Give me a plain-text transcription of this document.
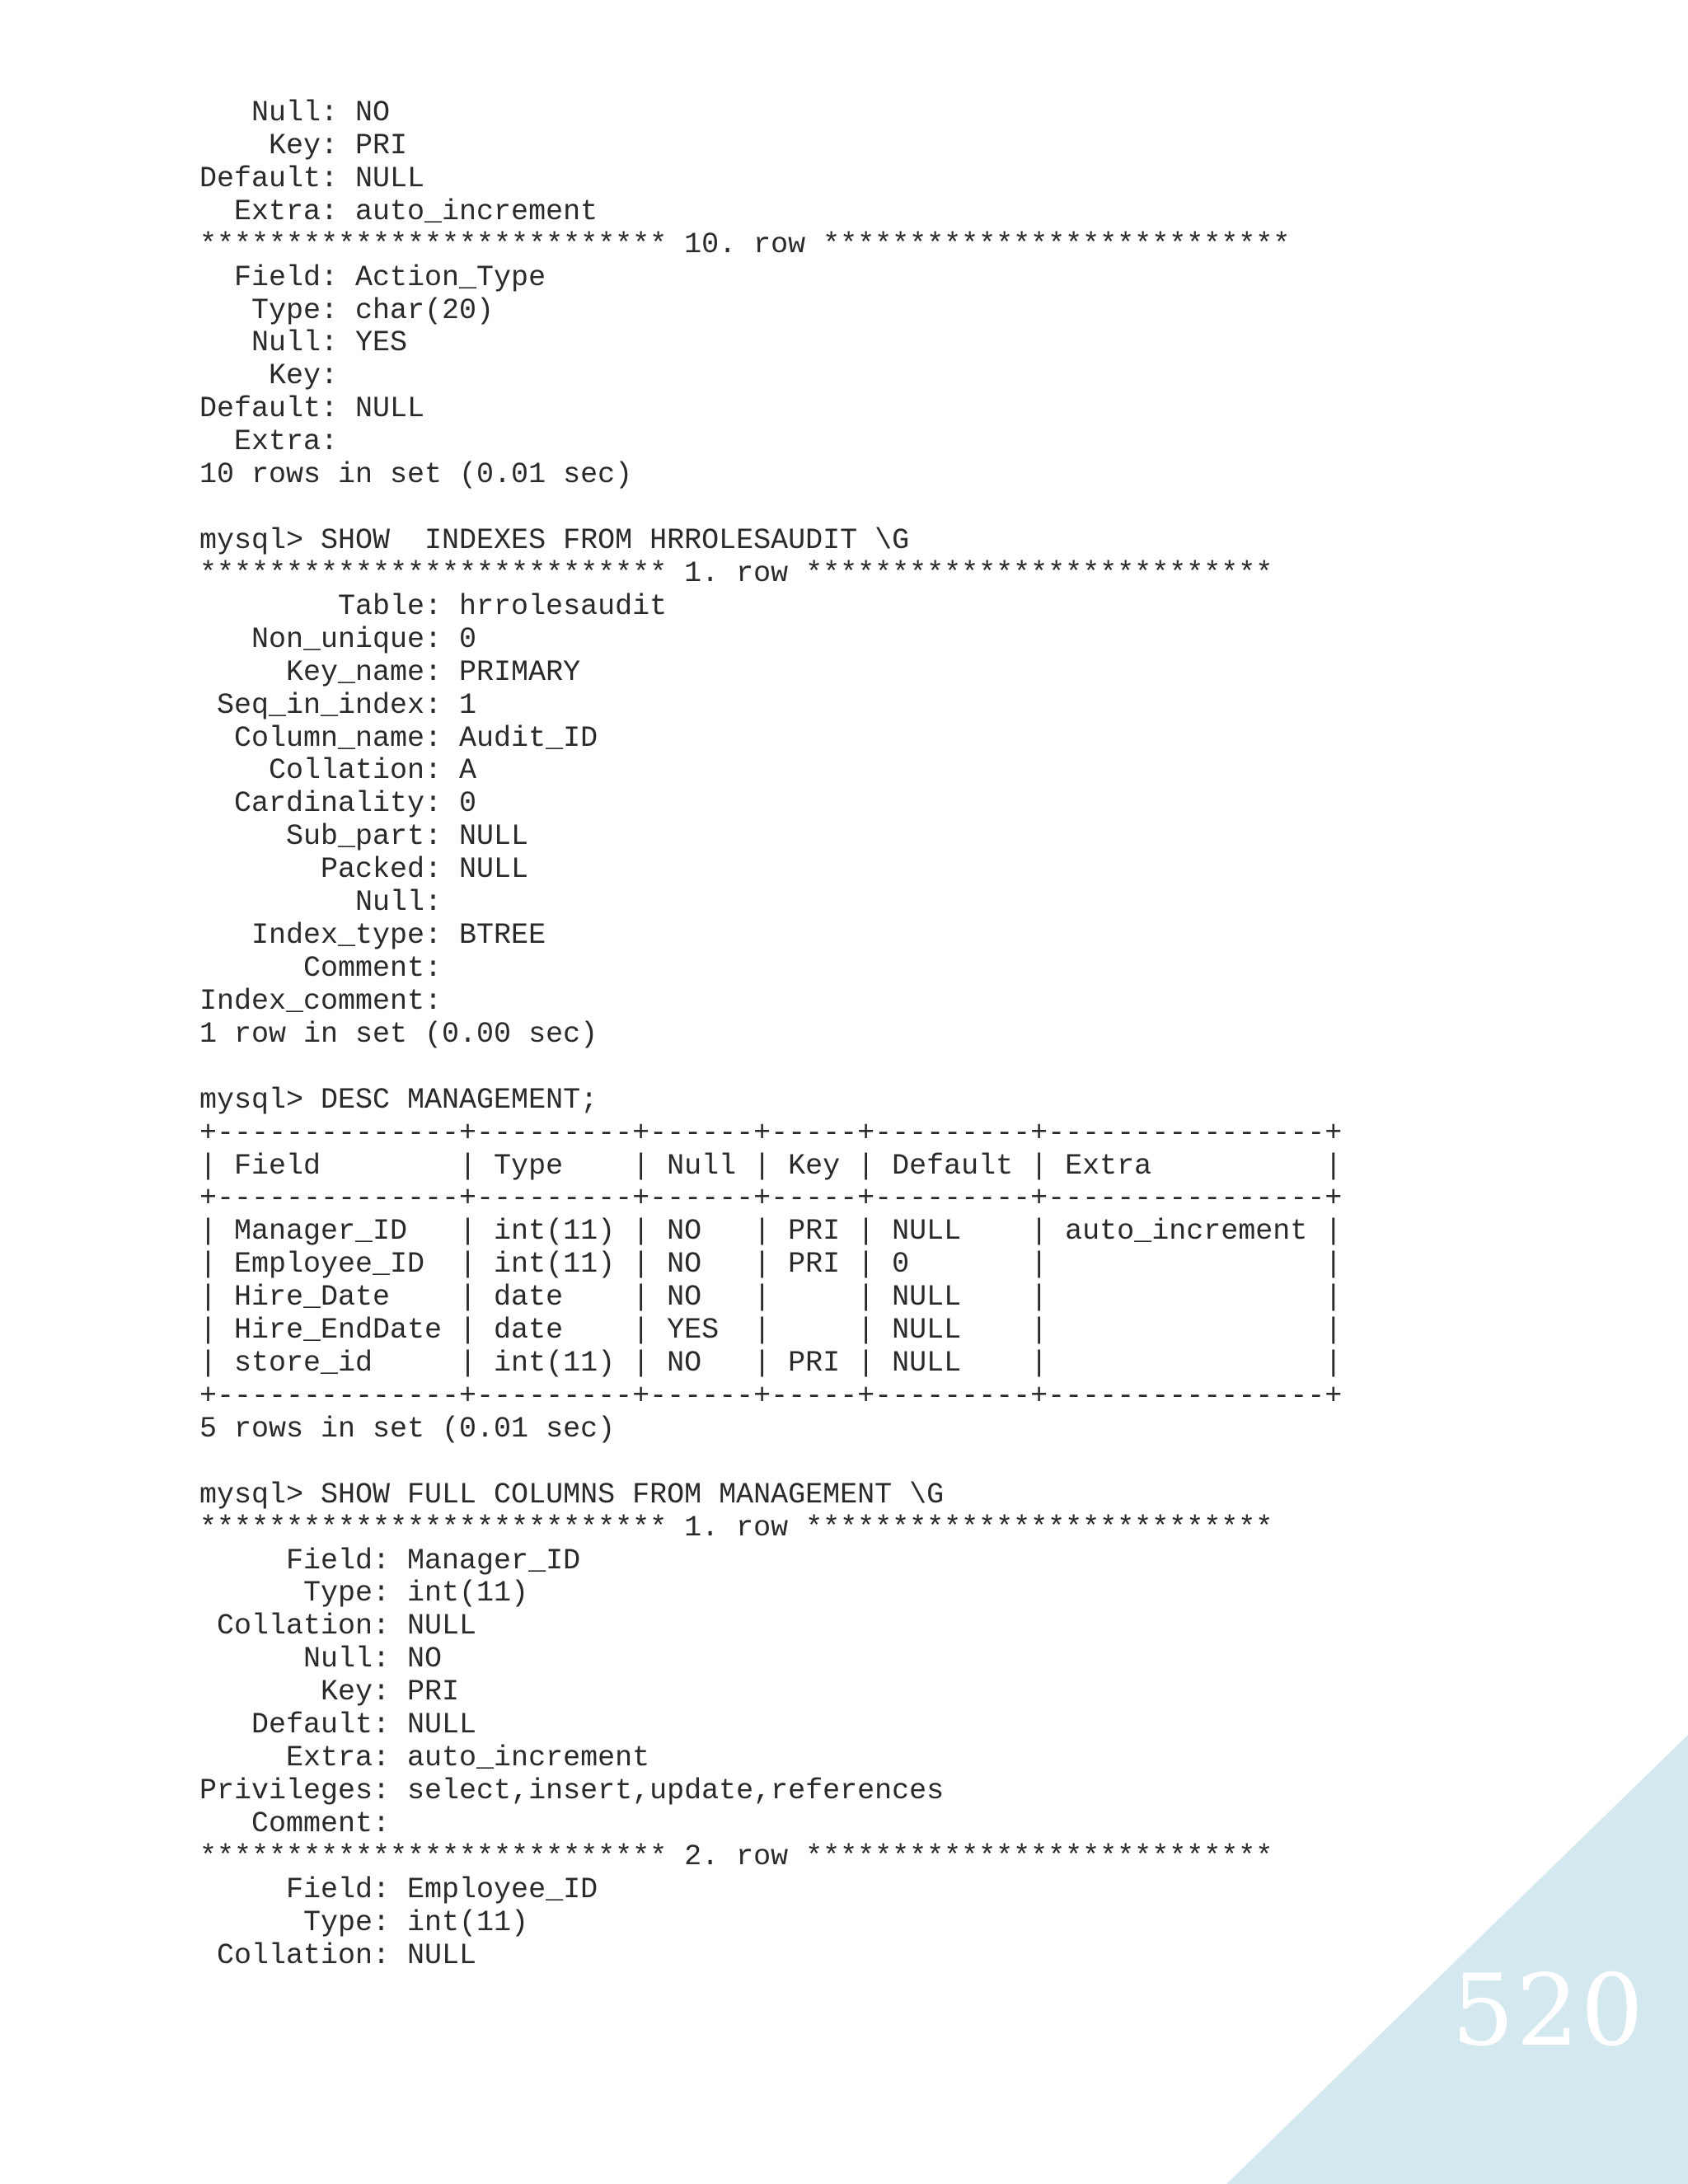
Null: NO
Key: PRI
Default: NULL
Extra: auto_increment
*************************** 10. row ***************************
Field: Action_Type
Type: char(20)
Null: YES
Key:
Default: NULL
Extra:
10 rows in set (0.01 sec)
mysql> SHOW  INDEXES FROM HRROLESAUDIT \G
*************************** 1. row ***************************
Table: hrrolesaudit
Non_unique: 0
Key_name: PRIMARY
Seq_in_index: 1
Column_name: Audit_ID
Collation: A
Cardinality: 0
Sub_part: NULL
Packed: NULL
Null:
Index_type: BTREE
Comment:
Index_comment:
1 row in set (0.00 sec)
mysql> DESC MANAGEMENT;
+--------------+---------+------+-----+---------+----------------+
| Field        | Type    | Null | Key | Default | Extra          |
+--------------+---------+------+-----+---------+----------------+
| Manager_ID   | int(11) | NO   | PRI | NULL    | auto_increment |
| Employee_ID  | int(11) | NO   | PRI | 0       |                |
| Hire_Date    | date    | NO   |     | NULL    |                |
| Hire_EndDate | date    | YES  |     | NULL    |                |
| store_id     | int(11) | NO   | PRI | NULL    |                |
+--------------+---------+------+-----+---------+----------------+
5 rows in set (0.01 sec)
mysql> SHOW FULL COLUMNS FROM MANAGEMENT \G
*************************** 1. row ***************************
Field: Manager_ID
Type: int(11)
Collation: NULL
Null: NO
Key: PRI
Default: NULL
Extra: auto_increment
Privileges: select,insert,update,references
Comment:
*************************** 2. row ***************************
Field: Employee_ID
Type: int(11)
Collation: NULL	520
